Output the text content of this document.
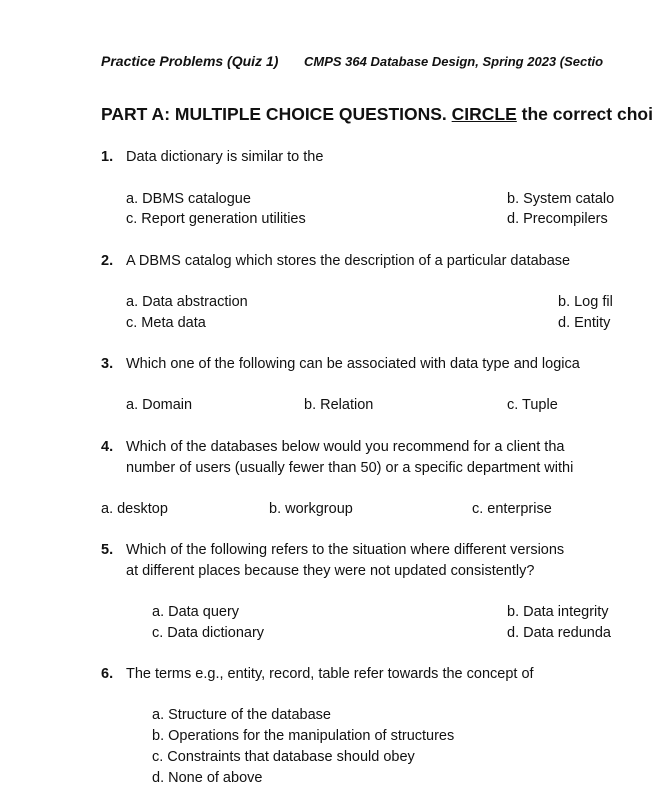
Practice Problems (Quiz 1) CMPS 364 Database Design, Spring 2023 (Sectio
PART A: MULTIPLE CHOICE QUESTIONS. CIRCLE the correct choi
1. Data dictionary is similar to the
a. DBMS catalogue	b. System catalo
c. Report generation utilities	d. Precompilers
2. A DBMS catalog which stores the description of a particular database
a. Data abstraction	b. Log fil
c. Meta data	d. Entity
3. Which one of the following can be associated with data type and logica
a. Domain	b. Relation	c. Tuple
4. Which of the databases below would you recommend for a client tha
number of users (usually fewer than 50) or a specific department withi
a. desktop	b. workgroup	c. enterprise
5. Which of the following refers to the situation where different versions
at different places because they were not updated consistently?
a. Data query	b. Data integrity
c. Data dictionary	d. Data redunda
6. The terms e.g., entity, record, table refer towards the concept of
a. Structure of the database
b. Operations for the manipulation of structures
c. Constraints that database should obey
d. None of above
